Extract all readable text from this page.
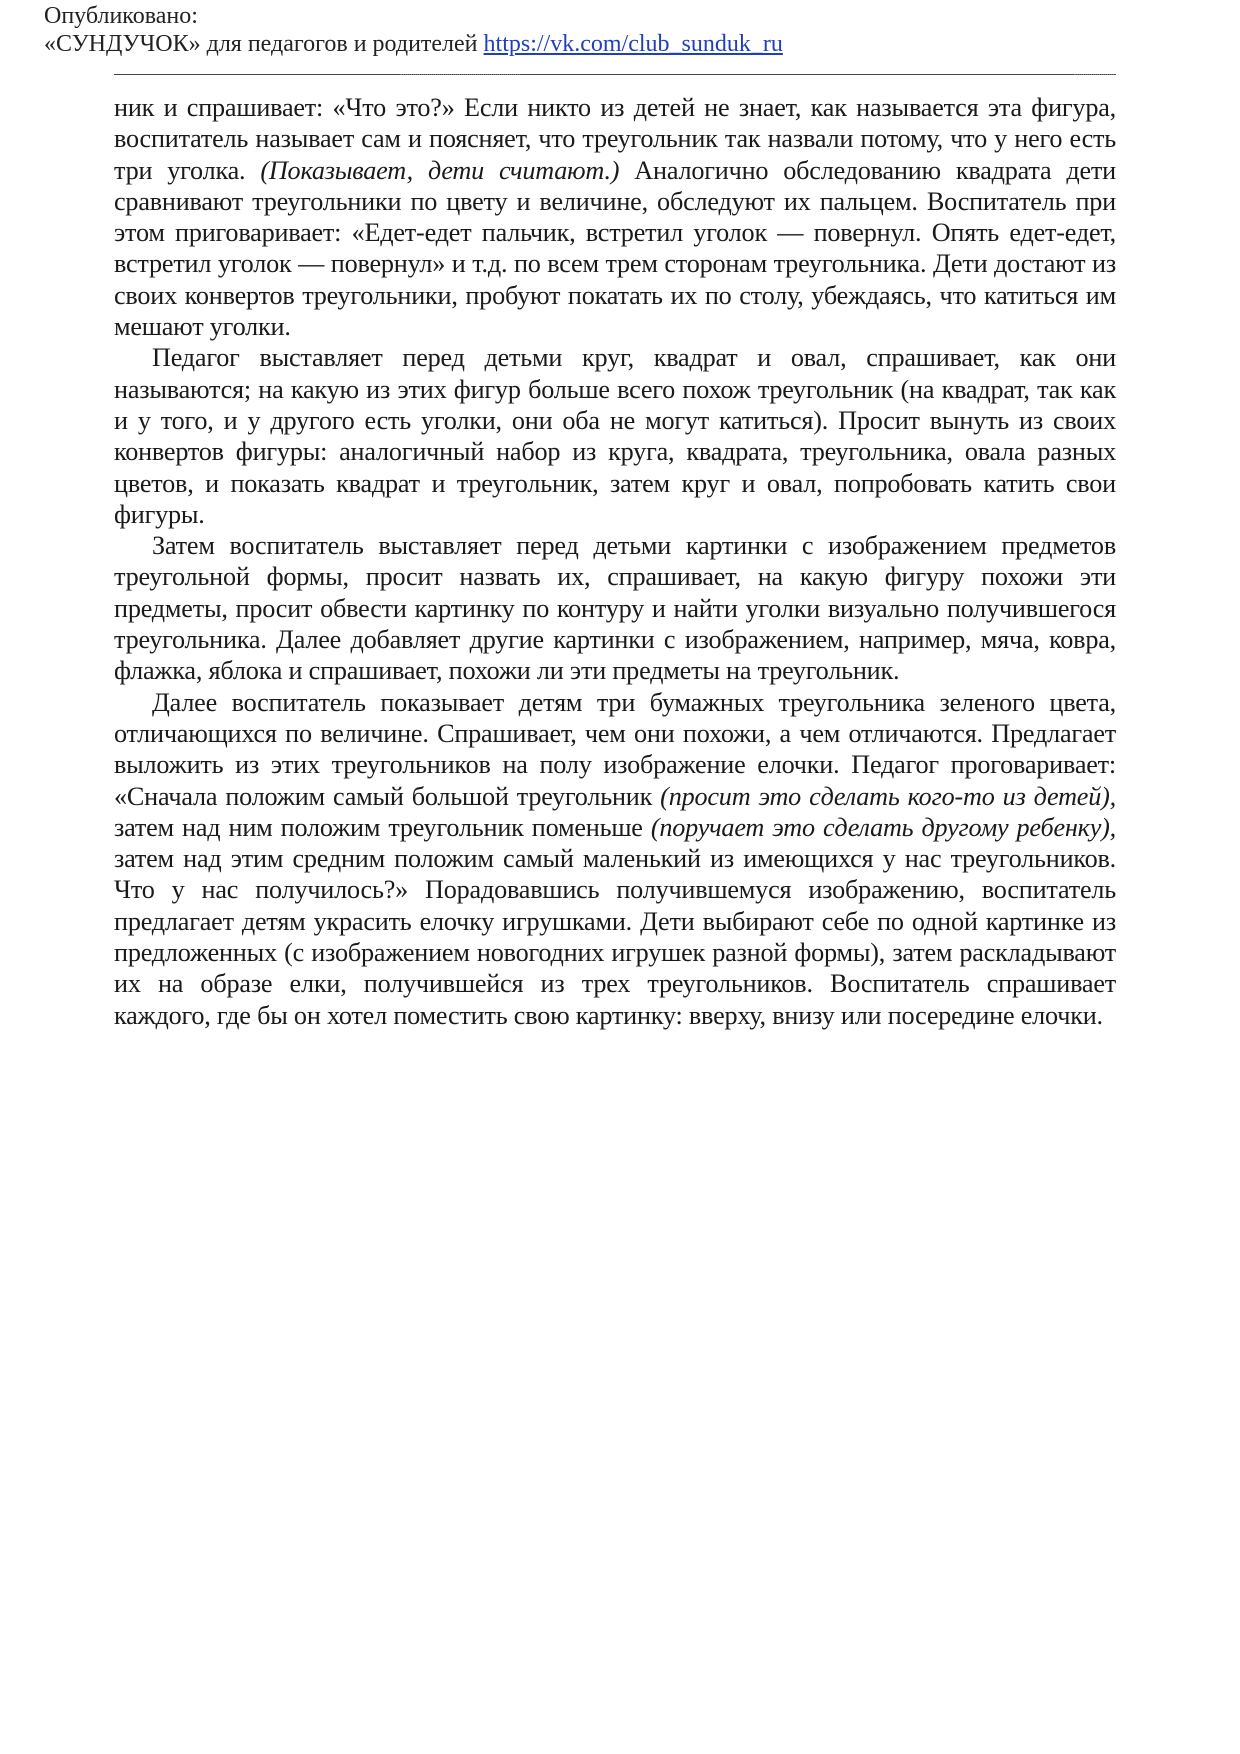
Опубликовано:
«СУНДУЧОК» для педагогов и родителей https://vk.com/club_sunduk_ru

ник и спрашивает: «Что это?» Если никто из детей не знает, как называется эта фигура, воспитатель называет сам и поясняет, что треугольник так назвали потому, что у него есть три уголка. (Показывает, дети считают.) Аналогично обследованию квадрата дети сравнивают треугольники по цвету и величине, обследуют их пальцем. Воспитатель при этом приговаривает: «Едет-едет пальчик, встретил уголок — повернул. Опять едет-едет, встретил уголок — повернул» и т.д. по всем трем сторонам треугольника. Дети достают из своих конвертов треугольники, пробуют покатать их по столу, убеждаясь, что катиться им мешают уголки.

Педагог выставляет перед детьми круг, квадрат и овал, спрашивает, как они называются; на какую из этих фигур больше всего похож треугольник (на квадрат, так как и у того, и у другого есть уголки, они оба не могут катиться). Просит вынуть из своих конвертов фигуры: аналогичный набор из круга, квадрата, треугольника, овала разных цветов, и показать квадрат и треугольник, затем круг и овал, попробовать катить свои фигуры.

Затем воспитатель выставляет перед детьми картинки с изображением предметов треугольной формы, просит назвать их, спрашивает, на какую фигуру похожи эти предметы, просит обвести картинку по контуру и найти уголки визуально получившегося треугольника. Далее добавляет другие картинки с изображением, например, мяча, ковра, флажка, яблока и спрашивает, похожи ли эти предметы на треугольник.

Далее воспитатель показывает детям три бумажных треугольника зеленого цвета, отличающихся по величине. Спрашивает, чем они похожи, а чем отличаются. Предлагает выложить из этих треугольников на полу изображение елочки. Педагог проговаривает: «Сначала положим самый большой треугольник (просит это сделать кого-то из детей), затем над ним положим треугольник поменьше (поручает это сделать другому ребенку), затем над этим средним положим самый маленький из имеющихся у нас треугольников. Что у нас получилось?» Порадовавшись получившемуся изображению, воспитатель предлагает детям украсить елочку игрушками. Дети выбирают себе по одной картинке из предложенных (с изображением новогодних игрушек разной формы), затем раскладывают их на образе елки, получившейся из трех треугольников. Воспитатель спрашивает каждого, где бы он хотел поместить свою картинку: вверху, внизу или посередине елочки.
